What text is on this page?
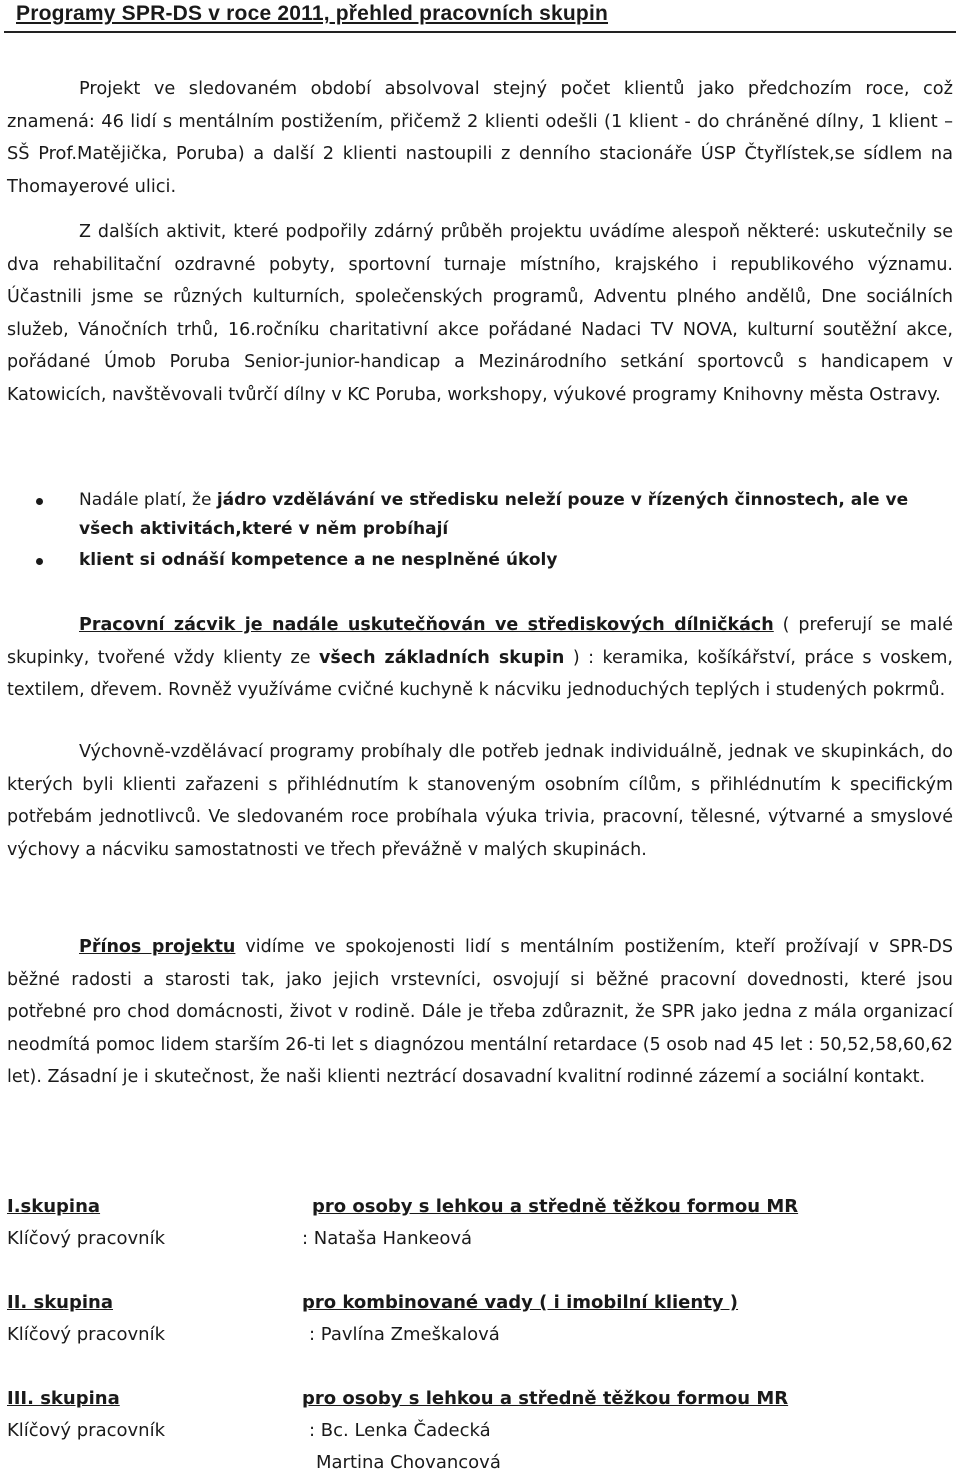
Programy SPR-DS v roce 2011, přehled pracovních skupin

Projekt ve sledovaném období absolvoval stejný počet klientů jako předchozím roce, což znamená: 46 lidí s mentálním postižením, přičemž 2 klienti odešli (1 klient - do chráněné dílny, 1 klient – SŠ Prof.Matějička, Poruba) a další 2 klienti nastoupili z denního stacionáře ÚSP Čtyřlístek,se sídlem na Thomayerové ulici.

Z dalších aktivit, které podpořily zdárný průběh projektu uvádíme alespoň některé: uskutečnily se dva rehabilitační ozdravné pobyty, sportovní turnaje místního, krajského i republikového významu. Účastnili jsme se různých kulturních, společenských programů, Adventu plného andělů, Dne sociálních služeb, Vánočních trhů, 16.ročníku charitativní akce pořádané Nadaci TV NOVA, kulturní soutěžní akce, pořádané Úmob Poruba Senior-junior-handicap a Mezinárodního setkání sportovců s handicapem v Katowicích, navštěvovali tvůrčí dílny v KC Poruba, workshopy, výukové programy Knihovny města Ostravy.

Nadále platí, že jádro vzdělávání ve středisku neleží pouze v řízených činnostech, ale ve všech aktivitách,které v něm probíhají
klient si odnáší kompetence a ne nesplněné úkoly

Pracovní zácvik je nadále uskutečňován ve střediskových dílničkách ( preferují se malé skupinky, tvořené vždy klienty ze všech základních skupin ) : keramika, košíkářství, práce s voskem, textilem, dřevem. Rovněž využíváme cvičné kuchyně k nácviku jednoduchých teplých i studených pokrmů.

Výchovně-vzdělávací programy probíhaly dle potřeb jednak individuálně, jednak ve skupinkách, do kterých byli klienti zařazeni s přihlédnutím k stanoveným osobním cílům, s přihlédnutím k specifickým potřebám jednotlivců. Ve sledovaném roce probíhala výuka trivia, pracovní, tělesné, výtvarné a smyslové výchovy a nácviku samostatnosti ve třech převážně v malých skupinách.

Přínos projektu vidíme ve spokojenosti lidí s mentálním postižením, kteří prožívají v SPR-DS běžné radosti a starosti tak, jako jejich vrstevníci, osvojují si běžné pracovní dovednosti, které jsou potřebné pro chod domácnosti, život v rodině. Dále je třeba zdůraznit, že SPR jako jedna z mála organizací neodmítá pomoc lidem starším 26-ti let s diagnózou mentální retardace (5 osob nad 45 let : 50,52,58,60,62 let). Zásadní je i skutečnost, že naši klienti neztrácí dosavadní kvalitní rodinné zázemí a sociální kontakt.

I.skupina	pro osoby s lehkou a středně těžkou formou MR
Klíčový pracovník	: Nataša Hankeová
II. skupina	pro kombinované vady ( i imobilní klienty )
Klíčový pracovník	: Pavlína Zmeškalová
III. skupina	pro osoby s lehkou a středně těžkou formou MR
Klíčový pracovník	: Bc. Lenka Čadecká
Martina Chovancová
